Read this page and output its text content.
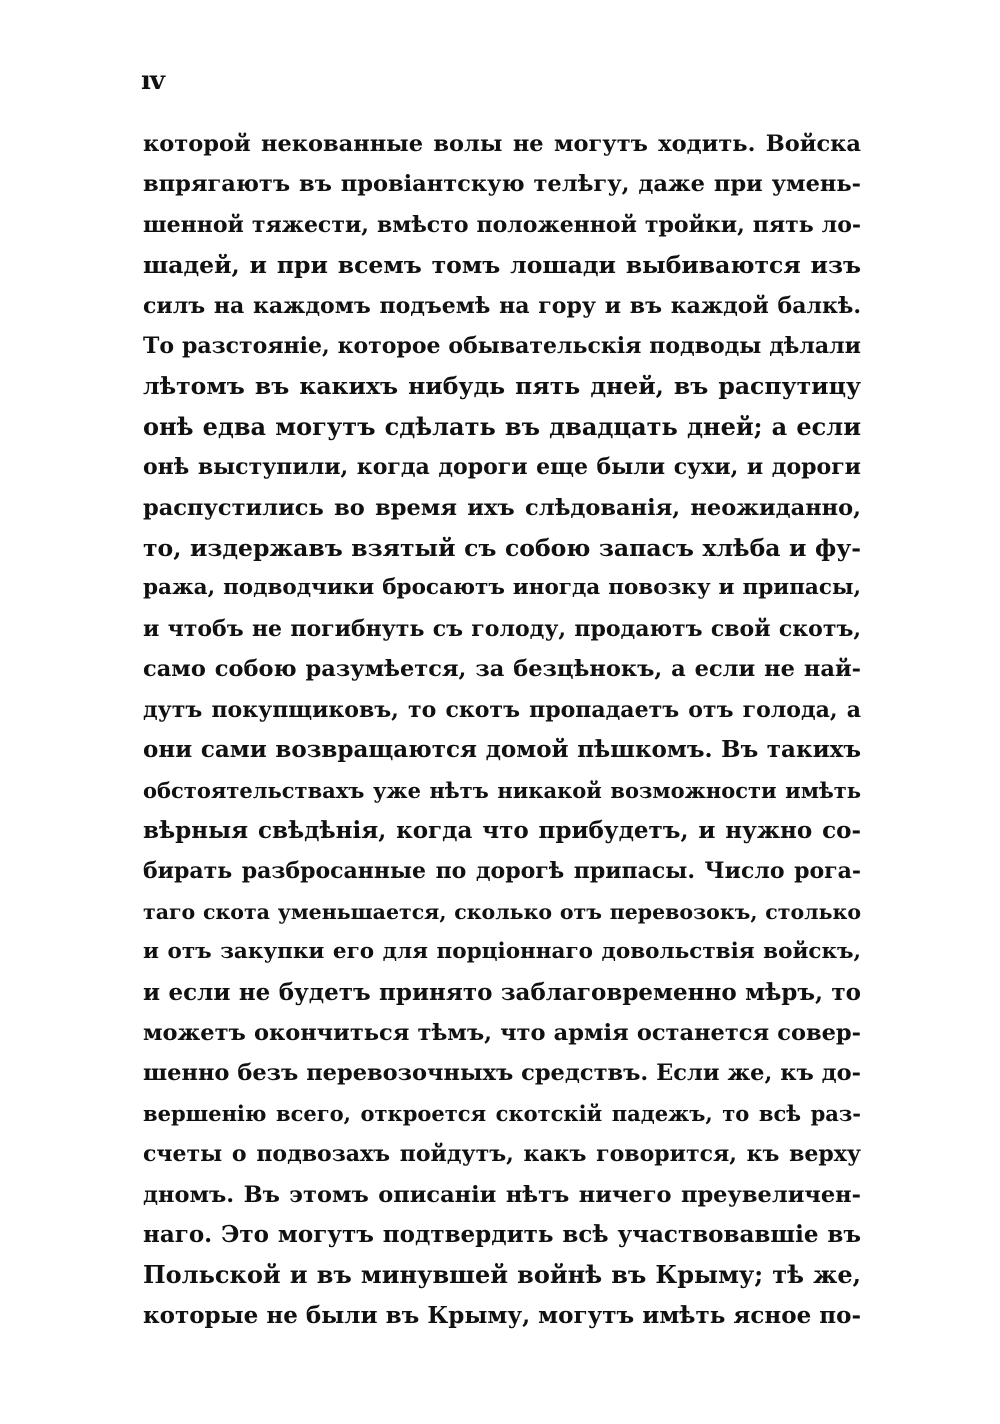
ıv
которой некованные волы не могутъ ходить. Войска
впрягаютъ въ провіантскую телѣгу, даже при умень-
шенной тяжести, вмѣсто положенной тройки, пять ло-
шадей, и при всемъ томъ лошади выбиваются изъ
силъ на каждомъ подъемѣ на гору и въ каждой балкѣ.
То разстояніе, которое обывательскія подводы дѣлали
лѣтомъ въ какихъ нибудь пять дней, въ распутицу
онѣ едва могутъ сдѣлать въ двадцать дней; а если
онѣ выступили, когда дороги еще были сухи, и дороги
распустились во время ихъ слѣдованія, неожиданно,
то, издержавъ взятый съ собою запасъ хлѣба и фу-
ража, подводчики бросаютъ иногда повозку и припасы,
и чтобъ не погибнуть съ голоду, продаютъ свой скотъ,
само собою разумѣется, за безцѣнокъ, а если не най-
дутъ покупщиковъ, то скотъ пропадаетъ отъ голода, а
они сами возвращаются домой пѣшкомъ. Въ такихъ
обстоятельствахъ уже нѣтъ никакой возможности имѣть
вѣрныя свѣдѣнія, когда что прибудетъ, и нужно со-
бирать разбросанные по дорогѣ припасы. Число рога-
таго скота уменьшается, сколько отъ перевозокъ, столько
и отъ закупки его для порціоннаго довольствія войскъ,
и если не будетъ принято заблаговременно мѣръ, то
можетъ окончиться тѣмъ, что армія останется совер-
шенно безъ перевозочныхъ средствъ. Если же, къ до-
вершенію всего, откроется скотскій падежъ, то всѣ раз-
счеты о подвозахъ пойдутъ, какъ говорится, къ верху
дномъ. Въ этомъ описаніи нѣтъ ничего преувеличен-
наго. Это могутъ подтвердить всѣ участвовавшіе въ
Польской и въ минувшей войнѣ въ Крыму; тѣ же,
которые не были въ Крыму, могутъ имѣть ясное по-
